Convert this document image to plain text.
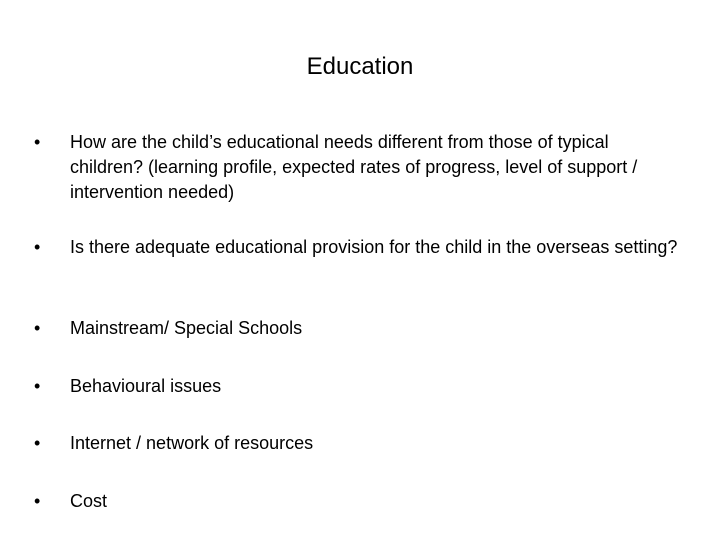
Education
•	How are the child’s educational needs different from those of typical children? (learning profile, expected rates of progress, level of support / intervention needed)
•	Is there adequate educational provision for the child in the overseas setting?
•	Mainstream/ Special Schools
•	Behavioural issues
•	Internet / network of resources
•	Cost
